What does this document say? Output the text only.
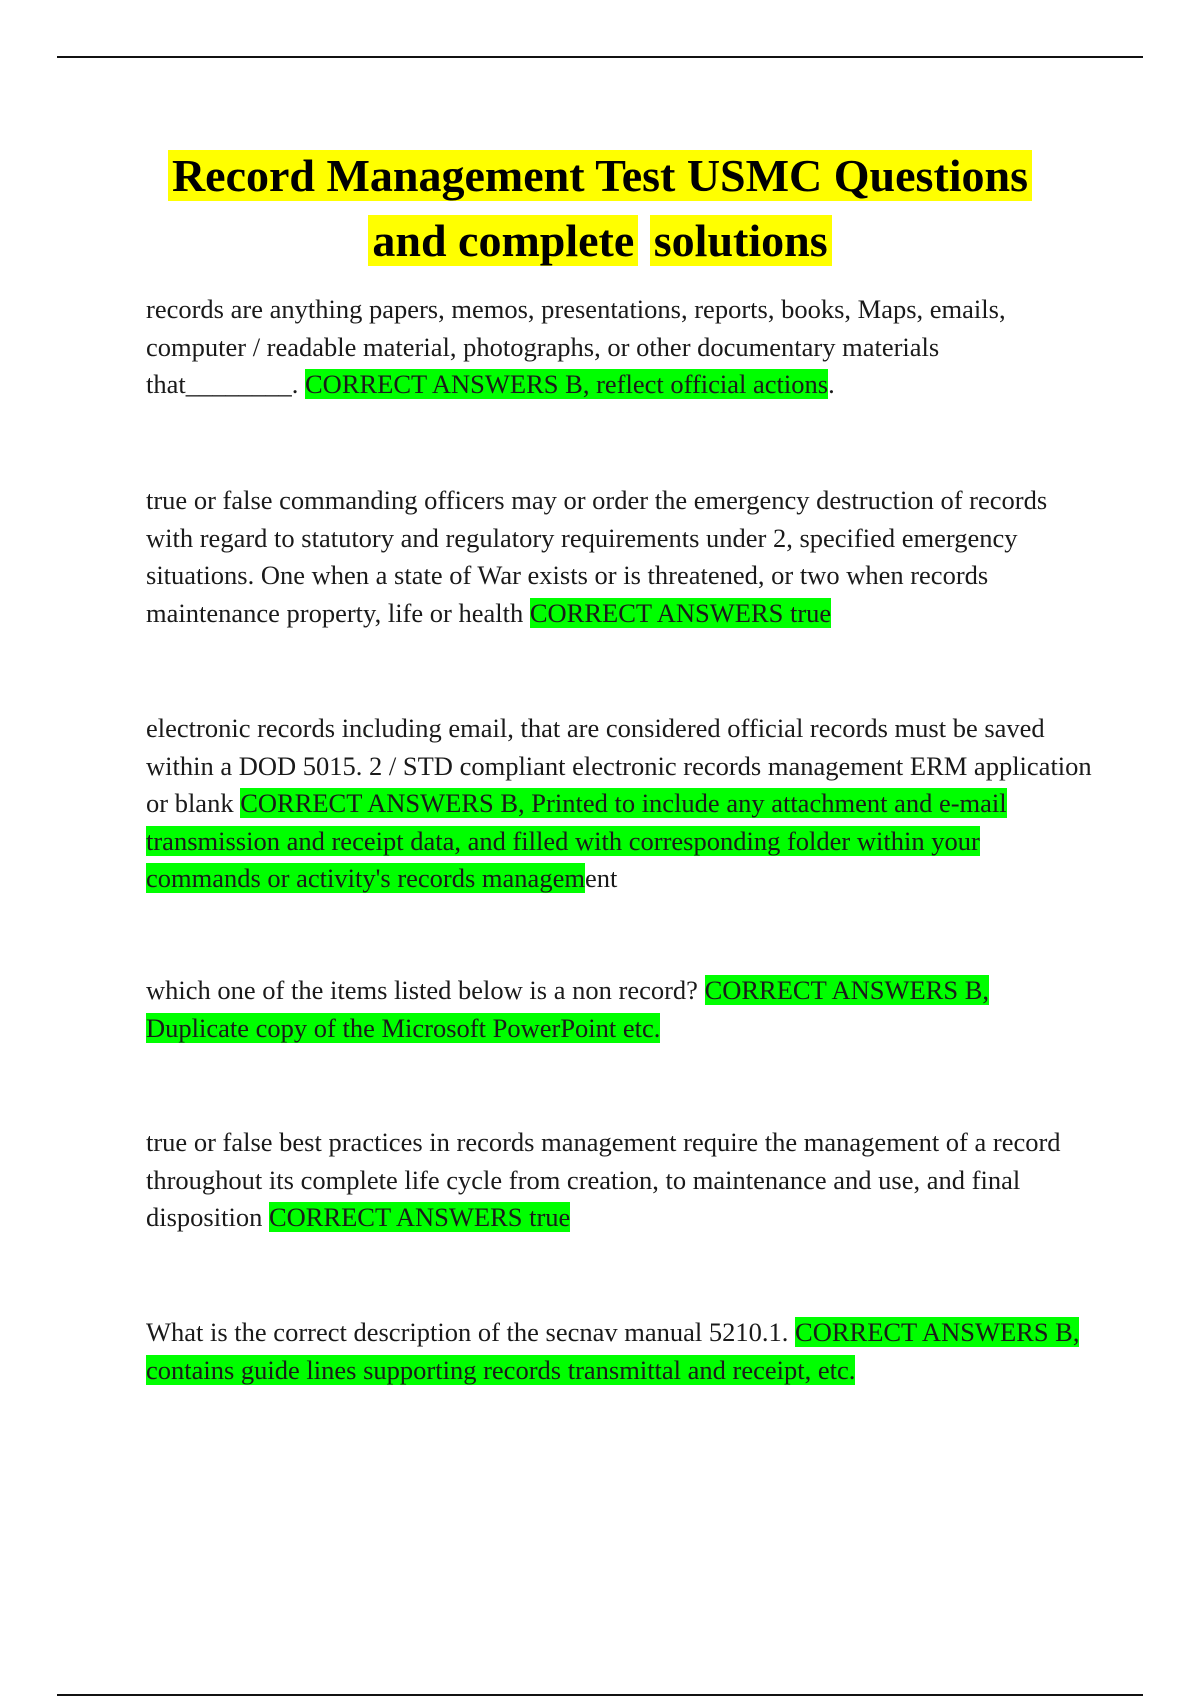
Record Management Test USMC Questions
and complete solutions
records are anything papers, memos, presentations, reports, books, Maps, emails, computer / readable material, photographs, or other documentary materials that________. CORRECT ANSWERS B, reflect official actions.
true or false commanding officers may or order the emergency destruction of records with regard to statutory and regulatory requirements under 2, specified emergency situations. One when a state of War exists or is threatened, or two when records maintenance property, life or health CORRECT ANSWERS true
electronic records including email, that are considered official records must be saved within a DOD 5015. 2 / STD compliant electronic records management ERM application or blank CORRECT ANSWERS B, Printed to include any attachment and e-mail transmission and receipt data, and filled with corresponding folder within your commands or activity's records management
which one of the items listed below is a non record? CORRECT ANSWERS B, Duplicate copy of the Microsoft PowerPoint etc.
true or false best practices in records management require the management of a record throughout its complete life cycle from creation, to maintenance and use, and final disposition CORRECT ANSWERS true
What is the correct description of the secnav manual 5210.1. CORRECT ANSWERS B, contains guide lines supporting records transmittal and receipt, etc.
